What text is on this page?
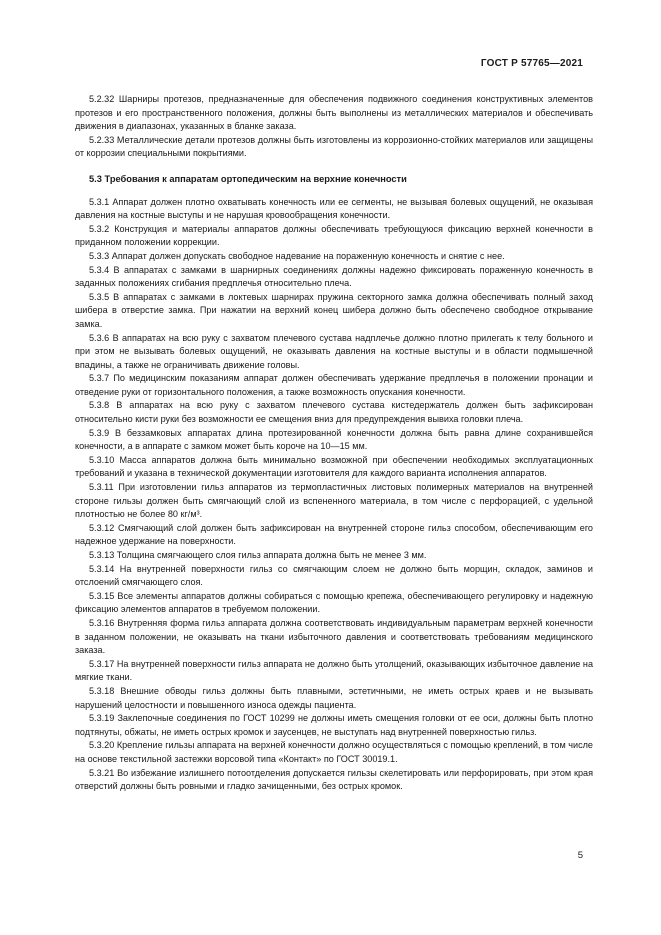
ГОСТ Р 57765—2021

5.2.32 Шарниры протезов, предназначенные для обеспечения подвижного соединения конструктивных элементов протезов и его пространственного положения, должны быть выполнены из металлических материалов и обеспечивать движения в диапазонах, указанных в бланке заказа.

5.2.33 Металлические детали протезов должны быть изготовлены из коррозионно-стойких материалов или защищены от коррозии специальными покрытиями.

5.3 Требования к аппаратам ортопедическим на верхние конечности

5.3.1 Аппарат должен плотно охватывать конечность или ее сегменты, не вызывая болевых ощущений, не оказывая давления на костные выступы и не нарушая кровообращения конечности.

5.3.2 Конструкция и материалы аппаратов должны обеспечивать требующуюся фиксацию верхней конечности в приданном положении коррекции.

5.3.3 Аппарат должен допускать свободное надевание на пораженную конечность и снятие с нее.

5.3.4 В аппаратах с замками в шарнирных соединениях должны надежно фиксировать пораженную конечность в заданных положениях сгибания предплечья относительно плеча.

5.3.5 В аппаратах с замками в локтевых шарнирах пружина секторного замка должна обеспечивать полный заход шибера в отверстие замка. При нажатии на верхний конец шибера должно быть обеспечено свободное открывание замка.

5.3.6 В аппаратах на всю руку с захватом плечевого сустава надплечье должно плотно прилегать к телу больного и при этом не вызывать болевых ощущений, не оказывать давления на костные выступы и в области подмышечной впадины, а также не ограничивать движение головы.

5.3.7 По медицинским показаниям аппарат должен обеспечивать удержание предплечья в положении пронации и отведение руки от горизонтального положения, а также возможность опускания конечности.

5.3.8 В аппаратах на всю руку с захватом плечевого сустава кистедержатель должен быть зафиксирован относительно кисти руки без возможности ее смещения вниз для предупреждения вывиха головки плеча.

5.3.9 В беззамковых аппаратах длина протезированной конечности должна быть равна длине сохранившейся конечности, а в аппарате с замком может быть короче на 10—15 мм.

5.3.10 Масса аппаратов должна быть минимально возможной при обеспечении необходимых эксплуатационных требований и указана в технической документации изготовителя для каждого варианта исполнения аппаратов.

5.3.11 При изготовлении гильз аппаратов из термопластичных листовых полимерных материалов на внутренней стороне гильзы должен быть смягчающий слой из вспененного материала, в том числе с перфорацией, с удельной плотностью не более 80 кг/м³.

5.3.12 Смягчающий слой должен быть зафиксирован на внутренней стороне гильз способом, обеспечивающим его надежное удержание на поверхности.

5.3.13 Толщина смягчающего слоя гильз аппарата должна быть не менее 3 мм.

5.3.14 На внутренней поверхности гильз со смягчающим слоем не должно быть морщин, складок, заминов и отслоений смягчающего слоя.

5.3.15 Все элементы аппаратов должны собираться с помощью крепежа, обеспечивающего регулировку и надежную фиксацию элементов аппаратов в требуемом положении.

5.3.16 Внутренняя форма гильз аппарата должна соответствовать индивидуальным параметрам верхней конечности в заданном положении, не оказывать на ткани избыточного давления и соответствовать требованиям медицинского заказа.

5.3.17 На внутренней поверхности гильз аппарата не должно быть утолщений, оказывающих избыточное давление на мягкие ткани.

5.3.18 Внешние обводы гильз должны быть плавными, эстетичными, не иметь острых краев и не вызывать нарушений целостности и повышенного износа одежды пациента.

5.3.19 Заклепочные соединения по ГОСТ 10299 не должны иметь смещения головки от ее оси, должны быть плотно подтянуты, обжаты, не иметь острых кромок и заусенцев, не выступать над внутренней поверхностью гильз.

5.3.20 Крепление гильзы аппарата на верхней конечности должно осуществляться с помощью креплений, в том числе на основе текстильной застежки ворсовой типа «Контакт» по ГОСТ 30019.1.

5.3.21 Во избежание излишнего потоотделения допускается гильзы скелетировать или перфорировать, при этом края отверстий должны быть ровными и гладко зачищенными, без острых кромок.

5
